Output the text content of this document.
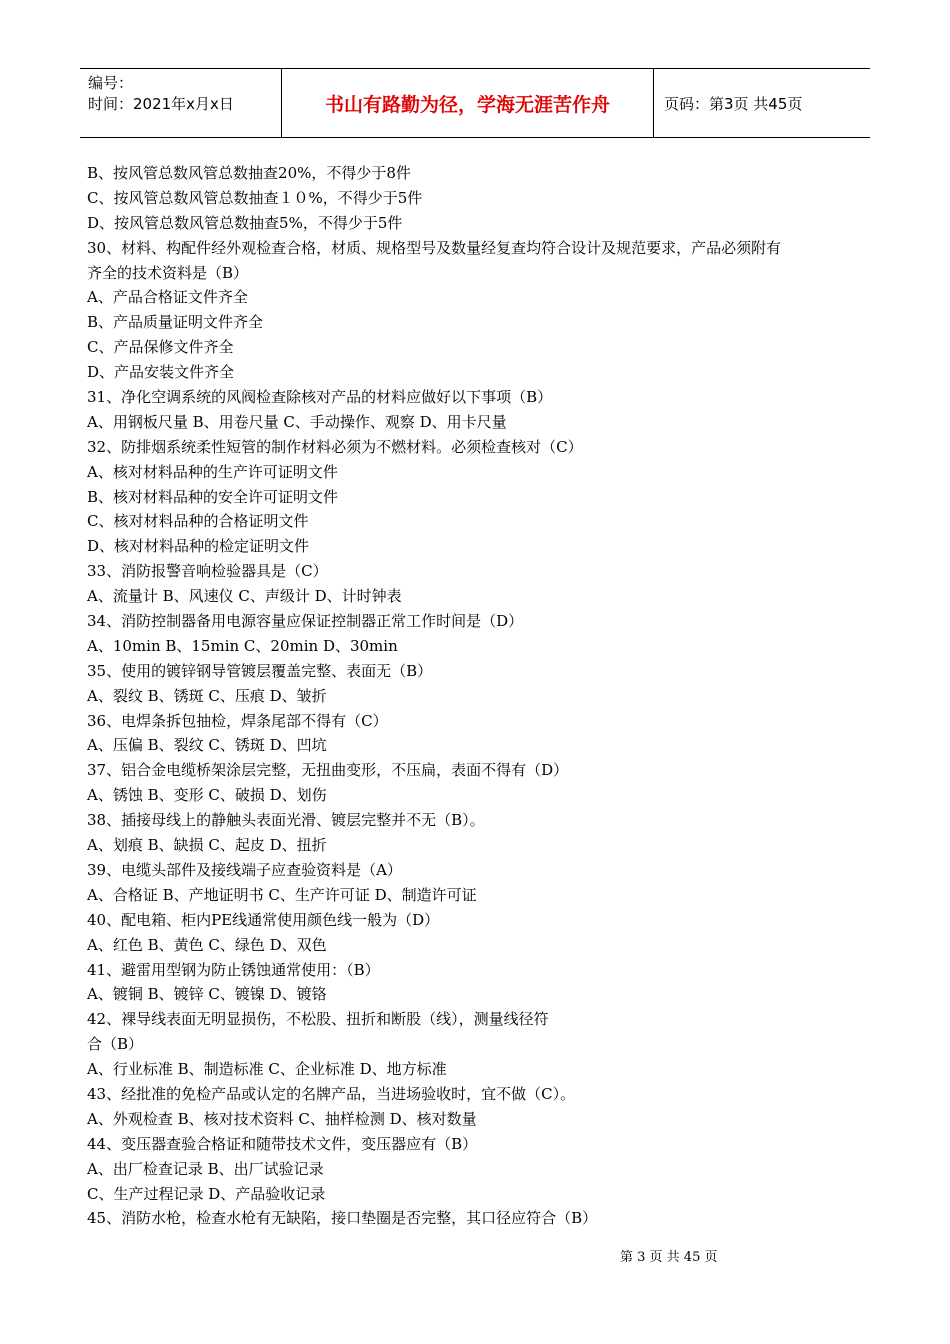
编号：
时间：2021年x月x日	书山有路勤为径，学海无涯苦作舟	页码：第3页 共45页
B、按风管总数风管总数抽查20%，不得少于8件
C、按风管总数风管总数抽查１０%，不得少于5件
D、按风管总数风管总数抽查5%，不得少于5件
30、材料、构配件经外观检查合格，材质、规格型号及数量经复查均符合设计及规范要求，产品必须附有
齐全的技术资料是（B）
A、产品合格证文件齐全
B、产品质量证明文件齐全
C、产品保修文件齐全
D、产品安装文件齐全
31、净化空调系统的风阀检查除核对产品的材料应做好以下事项（B）
A、用钢板尺量 B、用卷尺量 C、手动操作、观察 D、用卡尺量
32、防排烟系统柔性短管的制作材料必须为不燃材料。必须检查核对（C）
A、核对材料品种的生产许可证明文件
B、核对材料品种的安全许可证明文件
C、核对材料品种的合格证明文件
D、核对材料品种的检定证明文件
33、消防报警音响检验器具是（C）
A、流量计 B、风速仪 C、声级计 D、计时钟表
34、消防控制器备用电源容量应保证控制器正常工作时间是（D）
A、10min B、15min C、20min D、30min
35、使用的镀锌钢导管镀层覆盖完整、表面无（B）
A、裂纹 B、锈斑 C、压痕 D、皱折
36、电焊条拆包抽检，焊条尾部不得有（C）
A、压偏 B、裂纹 C、锈斑 D、凹坑
37、铝合金电缆桥架涂层完整，无扭曲变形，不压扁，表面不得有（D）
A、锈蚀 B、变形 C、破损 D、划伤
38、插接母线上的静触头表面光滑、镀层完整并不无（B）。
A、划痕 B、缺损 C、起皮 D、扭折
39、电缆头部件及接线端子应查验资料是（A）
A、合格证 B、产地证明书 C、生产许可证 D、制造许可证
40、配电箱、柜内PE线通常使用颜色线一般为（D）
A、红色 B、黄色 C、绿色 D、双色
41、避雷用型钢为防止锈蚀通常使用：（B）
A、镀铜 B、镀锌 C、镀镍 D、镀铬
42、裸导线表面无明显损伤，不松股、扭折和断股（线），测量线径符
合（B）
A、行业标准 B、制造标准 C、企业标准 D、地方标准
43、经批准的免检产品或认定的名牌产品，当进场验收时，宜不做（C）。
A、外观检查 B、核对技术资料 C、抽样检测 D、核对数量
44、变压器查验合格证和随带技术文件，变压器应有（B）
A、出厂检查记录 B、出厂试验记录
C、生产过程记录 D、产品验收记录
45、消防水枪，检查水枪有无缺陷，接口垫圈是否完整，其口径应符合（B）
第 3 页 共 45 页
